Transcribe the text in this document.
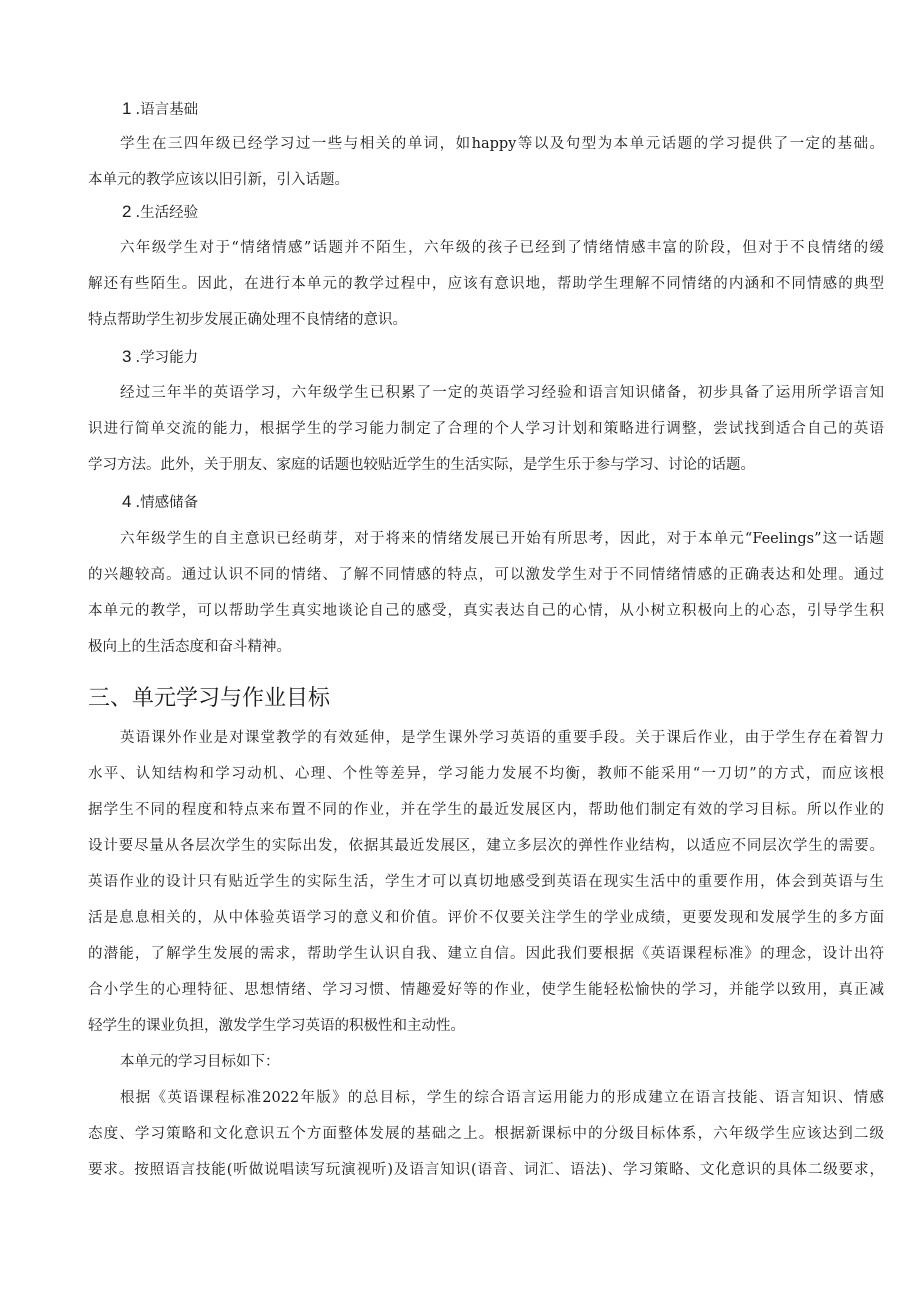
1 .语言基础
学生在三四年级已经学习过一些与相关的单词，如happy等以及句型为本单元话题的学习提供了一定的基础。
本单元的教学应该以旧引新，引入话题。
2 .生活经验
六年级学生对于“情绪情感”话题并不陌生，六年级的孩子已经到了情绪情感丰富的阶段，但对于不良情绪的缓
解还有些陌生。因此，在进行本单元的教学过程中，应该有意识地，帮助学生理解不同情绪的内涵和不同情感的典型
特点帮助学生初步发展正确处理不良情绪的意识。
3 .学习能力
经过三年半的英语学习，六年级学生已积累了一定的英语学习经验和语言知识储备，初步具备了运用所学语言知
识进行简单交流的能力，根据学生的学习能力制定了合理的个人学习计划和策略进行调整，尝试找到适合自己的英语
学习方法。此外，关于朋友、家庭的话题也较贴近学生的生活实际，是学生乐于参与学习、讨论的话题。
4 .情感储备
六年级学生的自主意识已经萌芽，对于将来的情绪发展已开始有所思考，因此，对于本单元“Feelings”这一话题
的兴趣较高。通过认识不同的情绪、了解不同情感的特点，可以激发学生对于不同情绪情感的正确表达和处理。通过
本单元的教学，可以帮助学生真实地谈论自己的感受，真实表达自己的心情，从小树立积极向上的心态，引导学生积
极向上的生活态度和奋斗精神。
三、单元学习与作业目标
英语课外作业是对课堂教学的有效延伸，是学生课外学习英语的重要手段。关于课后作业，由于学生存在着智力
水平、认知结构和学习动机、心理、个性等差异，学习能力发展不均衡，教师不能采用“一刀切”的方式，而应该根
据学生不同的程度和特点来布置不同的作业，并在学生的最近发展区内，帮助他们制定有效的学习目标。所以作业的
设计要尽量从各层次学生的实际出发，依据其最近发展区，建立多层次的弹性作业结构，以适应不同层次学生的需要。
英语作业的设计只有贴近学生的实际生活，学生才可以真切地感受到英语在现实生活中的重要作用，体会到英语与生
活是息息相关的，从中体验英语学习的意义和价值。评价不仅要关注学生的学业成绩，更要发现和发展学生的多方面
的潜能，了解学生发展的需求，帮助学生认识自我、建立自信。因此我们要根据《英语课程标准》的理念，设计出符
合小学生的心理特征、思想情绪、学习习惯、情趣爱好等的作业，使学生能轻松愉快的学习，并能学以致用，真正减
轻学生的课业负担，激发学生学习英语的积极性和主动性。
本单元的学习目标如下：
根据《英语课程标准2022年版》的总目标，学生的综合语言运用能力的形成建立在语言技能、语言知识、情感
态度、学习策略和文化意识五个方面整体发展的基础之上。根据新课标中的分级目标体系，六年级学生应该达到二级
要求。按照语言技能(听做说唱读写玩演视听)及语言知识(语音、词汇、语法)、学习策略、文化意识的具体二级要求，
